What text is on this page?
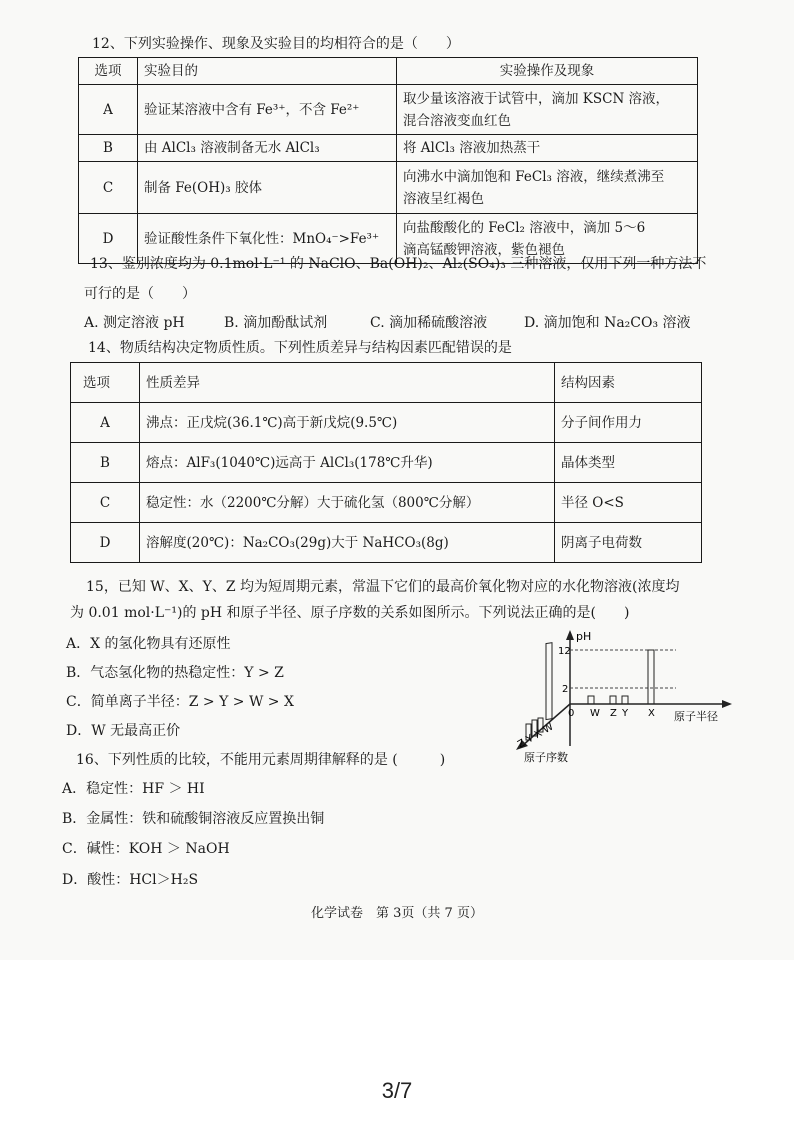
12、下列实验操作、现象及实验目的均相符合的是（　　）
选项	实验目的	实验操作及现象
A	验证某溶液中含有 Fe³⁺，不含 Fe²⁺	取少量该溶液于试管中，滴加 KSCN 溶液，
混合溶液变血红色

B	由 AlCl₃ 溶液制备无水 AlCl₃	将 AlCl₃ 溶液加热蒸干

C	制备 Fe(OH)₃ 胶体	向沸水中滴加饱和 FeCl₃ 溶液，继续煮沸至
溶液呈红褐色

D	验证酸性条件下氧化性：MnO₄⁻>Fe³⁺	向盐酸酸化的 FeCl₂ 溶液中，滴加 5～6
滴高锰酸钾溶液，紫色褪色
13、鉴别浓度均为 0.1mol·L⁻¹ 的 NaClO、Ba(OH)₂、Al₂(SO₄)₃ 三种溶液，仅用下列一种方法不
可行的是（　　）
A. 测定溶液 pH	B. 滴加酚酞试剂	C. 滴加稀硫酸溶液	D. 滴加饱和 Na₂CO₃ 溶液
14、物质结构决定物质性质。下列性质差异与结构因素匹配错误的是
选项	性质差异	结构因素
A	沸点：正戊烷(36.1℃)高于新戊烷(9.5℃)	分子间作用力
B	熔点：AlF₃(1040℃)远高于 AlCl₃(178℃升华)	晶体类型
C	稳定性：水（2200℃分解）大于硫化氢（800℃分解）	半径 O<S
D	溶解度(20℃)：Na₂CO₃(29g)大于 NaHCO₃(8g)	阴离子电荷数
15，已知 W、X、Y、Z 均为短周期元素，常温下它们的最高价氧化物对应的水化物溶液(浓度均
为 0.01 mol·L⁻¹)的 pH 和原子半径、原子序数的关系如图所示。下列说法正确的是(　　)
A．X 的氢化物具有还原性
B．气态氢化物的热稳定性：Y > Z
C．简单离子半径：Z > Y > W > X
D．W 无最高正价
pH
原子半径
原子序数
12
2
0 W Z Y X
Z Y X W
16、下列性质的比较，不能用元素周期律解释的是 (　　　)
A．稳定性：HF ＞ HI
B．金属性：铁和硫酸铜溶液反应置换出铜
C．碱性：KOH ＞ NaOH
D．酸性：HCl＞H₂S
化学试卷　第 3页（共 7 页）
3/7
